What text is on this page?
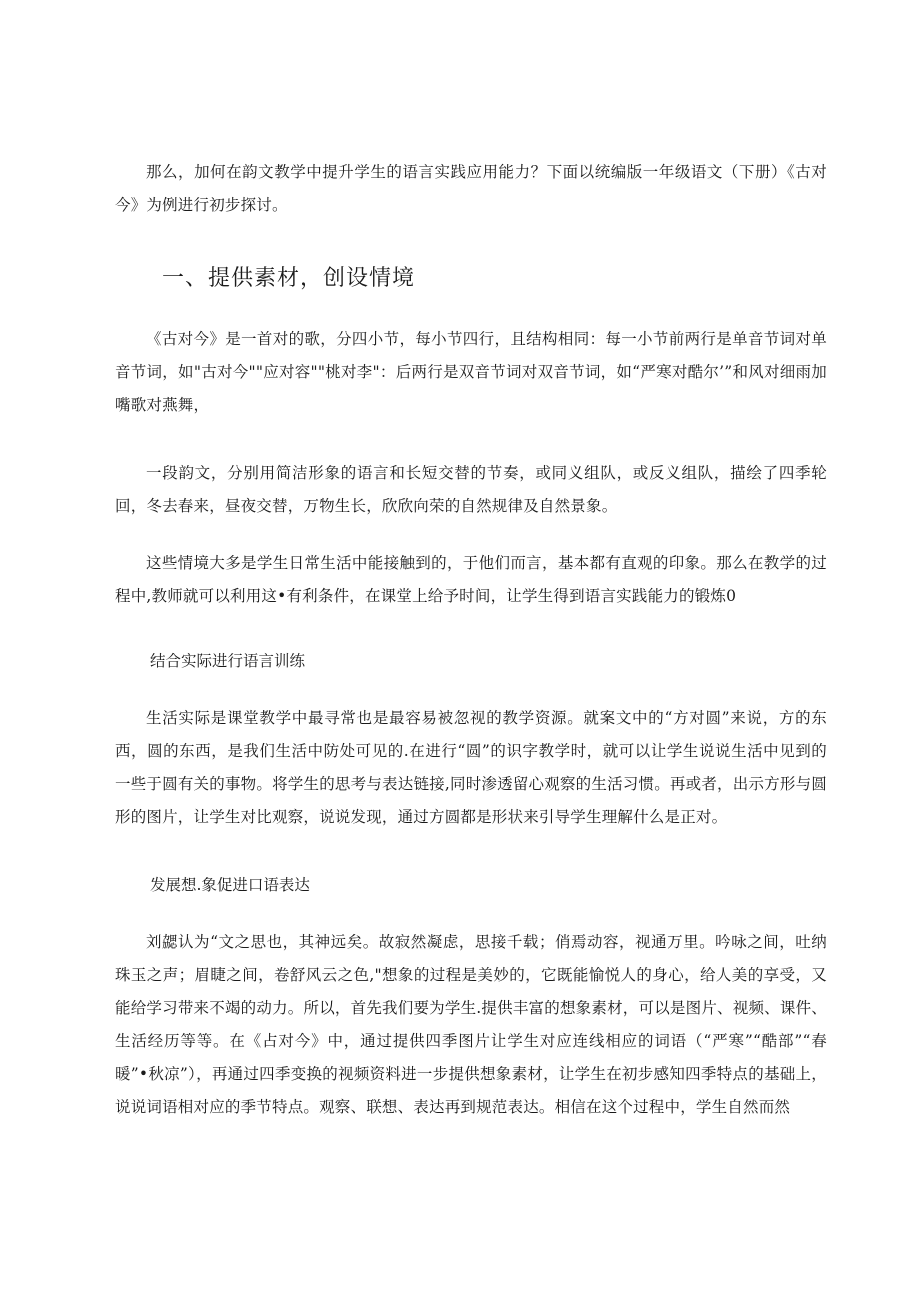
那么，加何在韵文教学中提升学生的语言实践应用能力？下面以统编版一年级语文（下册）《古对今》为例进行初步探讨。

一、提供素材，创设情境

《古对今》是一首对的歌，分四小节，每小节四行，且结构相同：每一小节前两行是单音节词对单音节词，如"古对今""应对容""桃对李"：后两行是双音节词对双音节词，如“严寒对酷尔’”和风对细雨加嘴歌对燕舞，

一段韵文，分别用简洁形象的语言和长短交替的节奏，或同义组队，或反义组队，描绘了四季轮回，冬去春来，昼夜交替，万物生长，欣欣向荣的自然规律及自然景象。

这些情境大多是学生日常生活中能接触到的，于他们而言，基本都有直观的印象。那么在教学的过程中,教师就可以利用这•有利条件，在课堂上给予时间，让学生得到语言实践能力的锻炼0

结合实际进行语言训练

生活实际是课堂教学中最寻常也是最容易被忽视的教学资源。就案文中的“方对圆”来说，方的东西，圆的东西，是我们生活中防处可见的.在进行“圆”的识字教学时，就可以让学生说说生活中见到的一些于圆有关的事物。将学生的思考与表达链接,同时渗透留心观察的生活习惯。再或者，出示方形与圆形的图片，让学生对比观察，说说发现，通过方圆都是形状来引导学生理解什么是正对。

发展想.象促进口语表达

刘勰认为“文之思也，其神远矣。故寂然凝虑，思接千载；俏焉动容，视通万里。吟咏之间，吐纳珠玉之声；眉睫之间，卷舒风云之色,"想象的过程是美妙的，它既能愉悦人的身心，给人美的享受，又能给学习带来不竭的动力。所以，首先我们要为学生.提供丰富的想象素材，可以是图片、视频、课件、生活经历等等。在《占对今》中，通过提供四季图片让学生对应连线相应的词语（“严寒”“酷部”“春暖”•秋凉”），再通过四季变换的视频资料进一步提供想象素材，让学生在初步感知四季特点的基础上，说说词语相对应的季节特点。观察、联想、表达再到规范表达。相信在这个过程中，学生自然而然
